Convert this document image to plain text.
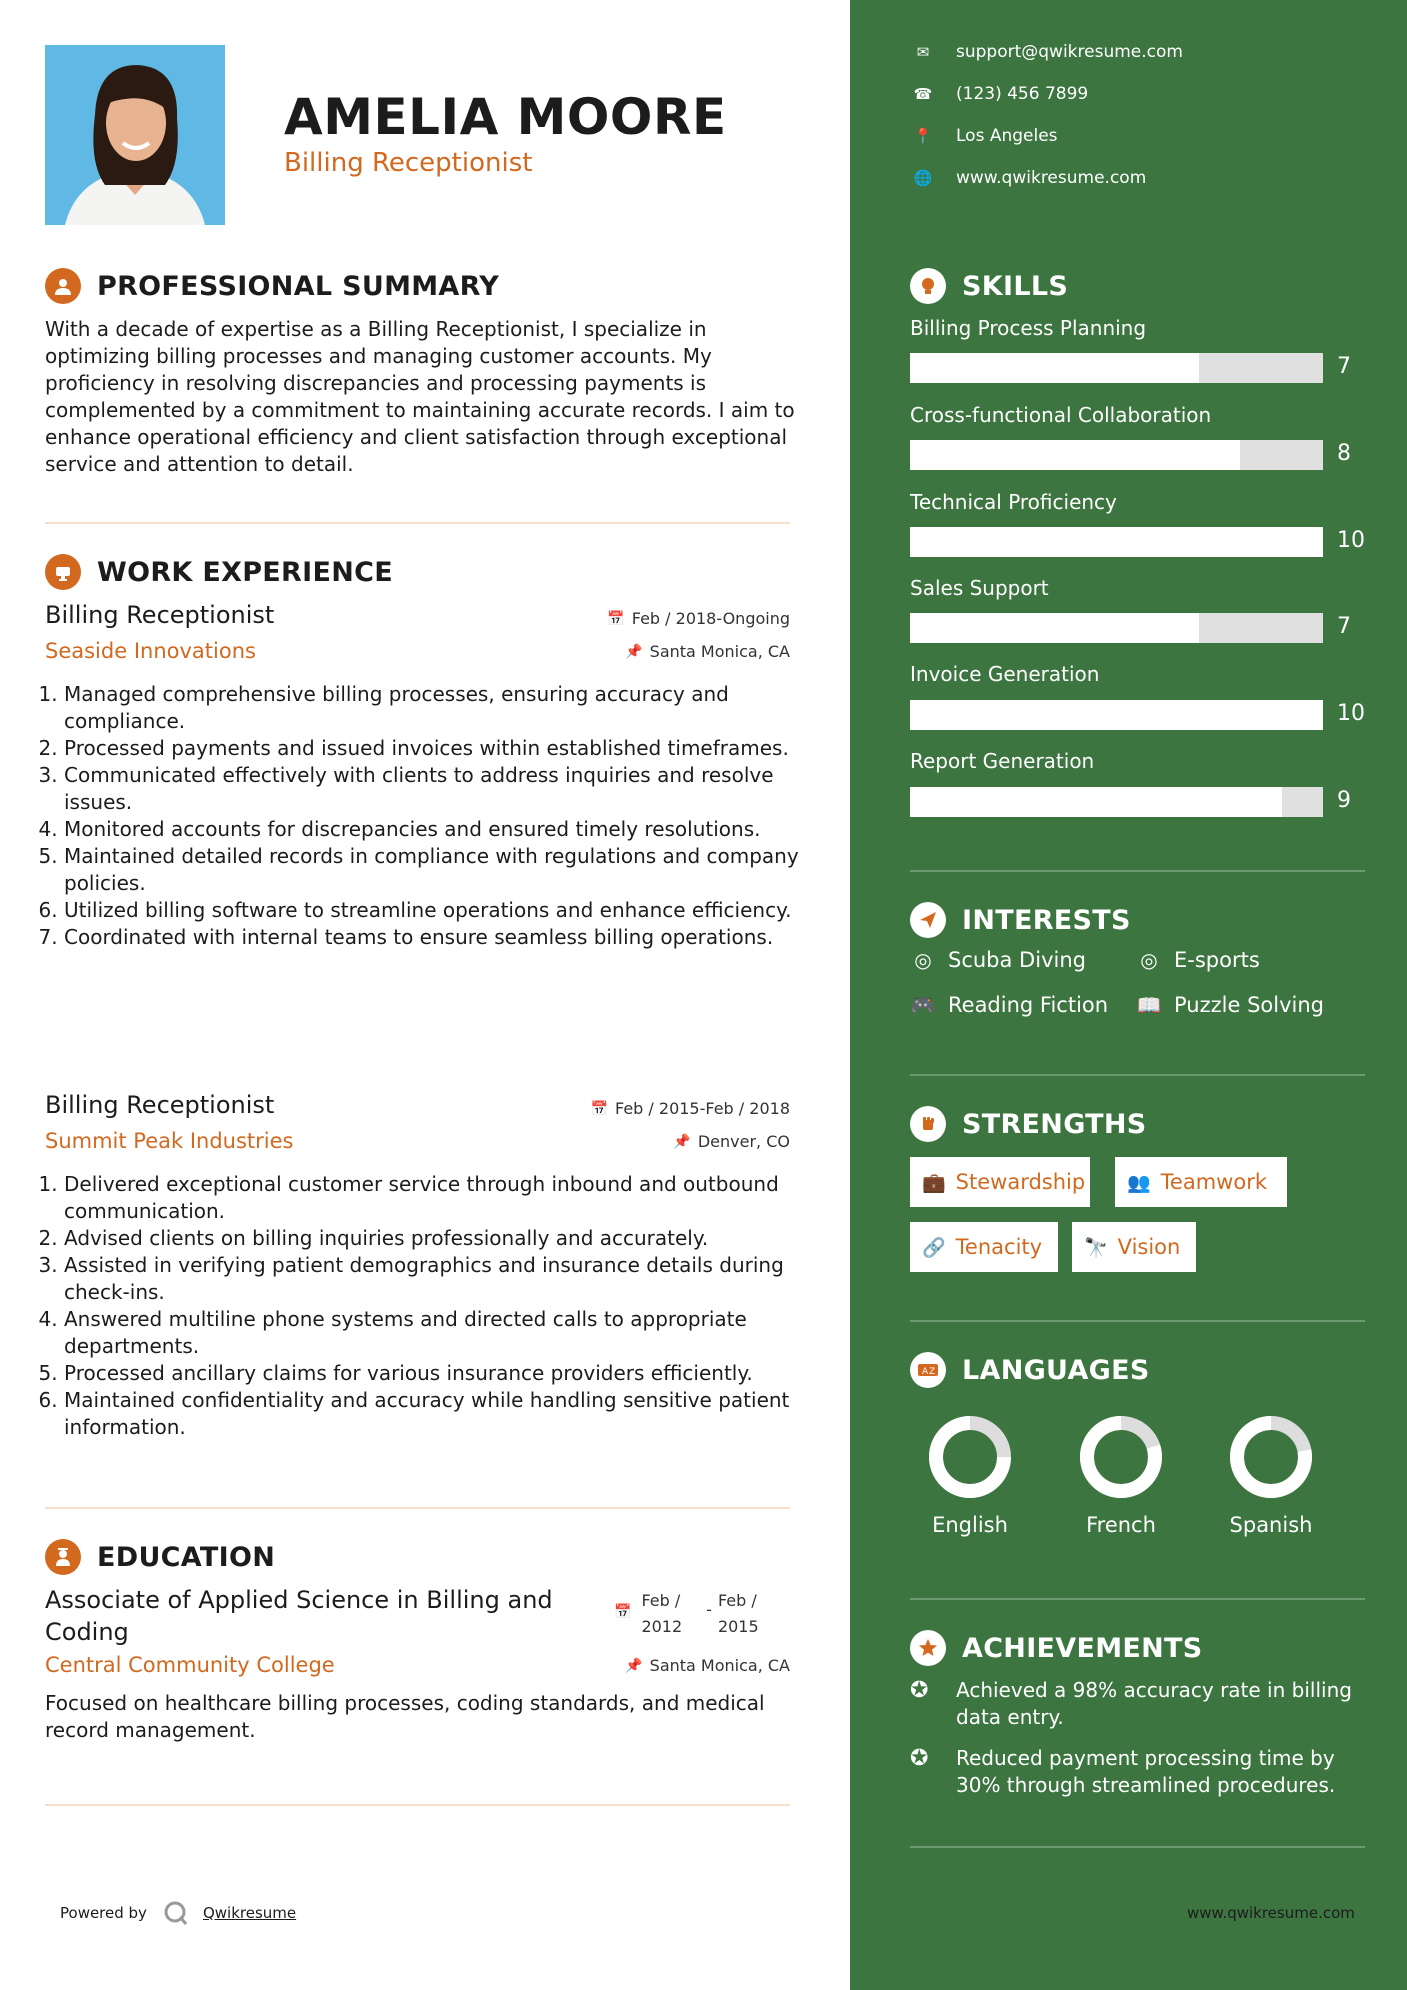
AMELIA MOORE
Billing Receptionist
PROFESSIONAL SUMMARY
With a decade of expertise as a Billing Receptionist, I specialize in optimizing billing processes and managing customer accounts. My proficiency in resolving discrepancies and processing payments is complemented by a commitment to maintaining accurate records. I aim to enhance operational efficiency and client satisfaction through exceptional service and attention to detail.
WORK EXPERIENCE
Billing Receptionist	📅 Feb / 2018-Ongoing
Seaside Innovations	📌 Santa Monica, CA
1. Managed comprehensive billing processes, ensuring accuracy and compliance.
2. Processed payments and issued invoices within established timeframes.
3. Communicated effectively with clients to address inquiries and resolve issues.
4. Monitored accounts for discrepancies and ensured timely resolutions.
5. Maintained detailed records in compliance with regulations and company policies.
6. Utilized billing software to streamline operations and enhance efficiency.
7. Coordinated with internal teams to ensure seamless billing operations.
Billing Receptionist	📅 Feb / 2015-Feb / 2018
Summit Peak Industries	📌 Denver, CO
1. Delivered exceptional customer service through inbound and outbound communication.
2. Advised clients on billing inquiries professionally and accurately.
3. Assisted in verifying patient demographics and insurance details during check-ins.
4. Answered multiline phone systems and directed calls to appropriate departments.
5. Processed ancillary claims for various insurance providers efficiently.
6. Maintained confidentiality and accuracy while handling sensitive patient information.
EDUCATION
Associate of Applied Science in Billing and
Coding
📅
Feb /
2012
- Feb /
2015
Central Community College	📌 Santa Monica, CA
Focused on healthcare billing processes, coding standards, and medical record management.
Powered by	Qwikresume
✉	support@qwikresume.com
☎ (123) 456 7899
📍 Los Angeles
🌐 www.qwikresume.com
SKILLS
Billing Process Planning
7
Cross-functional Collaboration
8
Technical Proficiency
10
Sales Support
7
Invoice Generation
10
Report Generation
9
INTERESTS
◎ Scuba Diving	◎ E-sports
🎮 Reading Fiction 📖 Puzzle Solving
STRENGTHS
💼 Stewardship 👥 Teamwork
🔗 Tenacity 🔭 Vision
A Z LANGUAGES
English	French	Spanish
ACHIEVEMENTS
✪	Achieved a 98% accuracy rate in billing data entry.
✪	Reduced payment processing time by 30% through streamlined procedures.
www.qwikresume.com
